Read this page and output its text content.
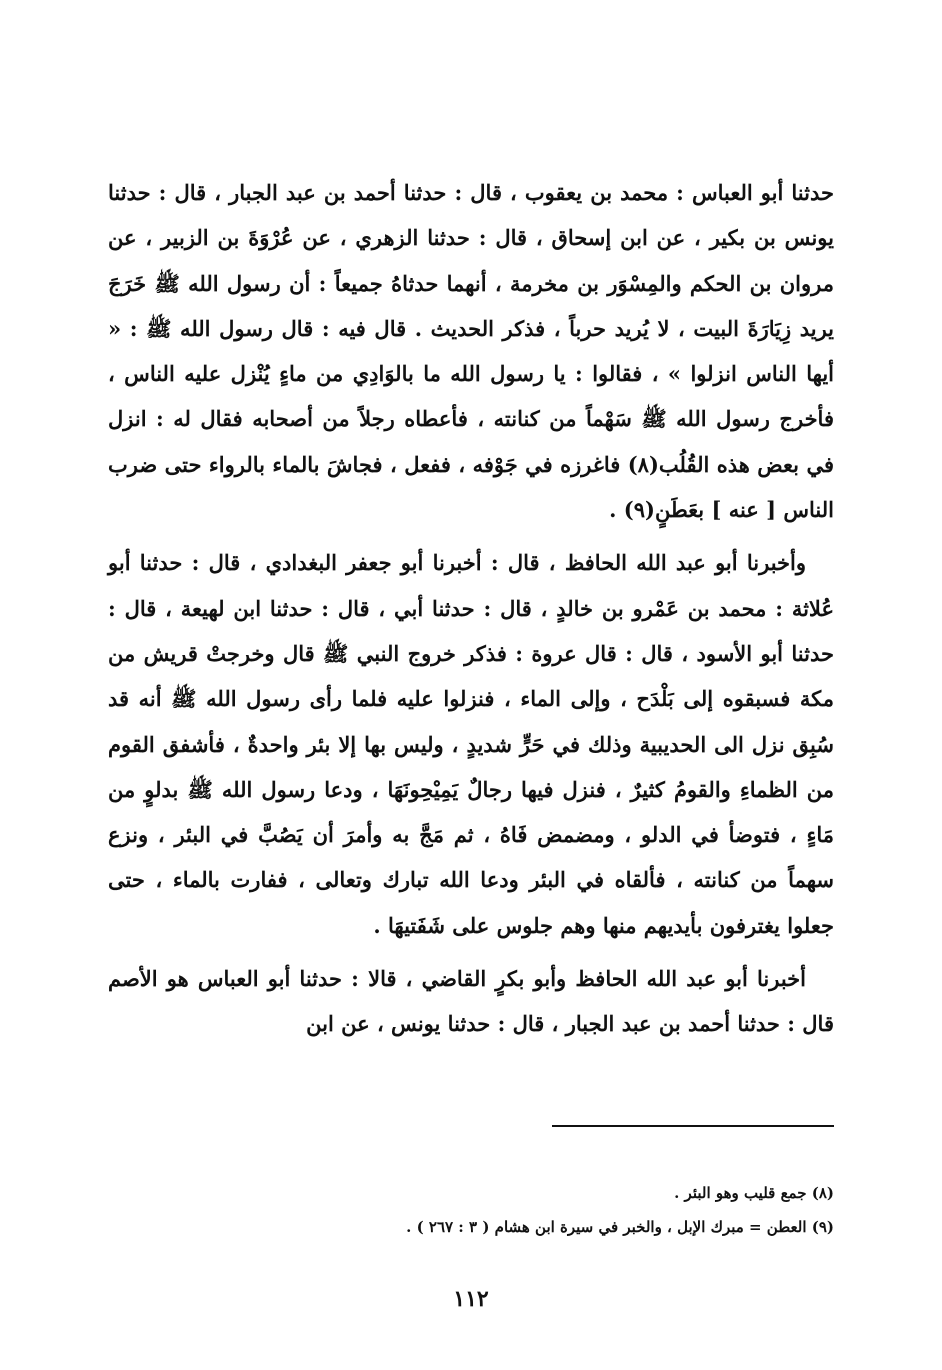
حدثنا أبو العباس : محمد بن يعقوب ، قال : حدثنا أحمد بن عبد الجبار ، قال : حدثنا يونس بن بكير ، عن ابن إسحاق ، قال : حدثنا الزهري ، عن عُرْوَةَ بن الزبير ، عن مروان بن الحكم والمِسْوَر بن مخرمة ، أنهما حدثاهُ جميعاً : أن رسول الله ﷺ خَرَجَ يريد زِيَارَةَ البيت ، لا يُريد حرباً ، فذكر الحديث . قال فيه : قال رسول الله ﷺ : « أيها الناس انزلوا » ، فقالوا : يا رسول الله ما بالوَادِي من ماءٍ يُنْزل عليه الناس ، فأخرج رسول الله ﷺ سَهْماً من كنانته ، فأعطاه رجلاً من أصحابه فقال له : انزل في بعض هذه القُلُب(٨) فاغرزه في جَوْفه ، ففعل ، فجاشَ بالماء بالرواء حتى ضرب الناس [ عنه ] بعَطَنٍ(٩) .

وأخبرنا أبو عبد الله الحافظ ، قال : أخبرنا أبو جعفر البغدادي ، قال : حدثنا أبو عُلاثة : محمد بن عَمْرو بن خالدٍ ، قال : حدثنا أبي ، قال : حدثنا ابن لهيعة ، قال : حدثنا أبو الأسود ، قال : قال عروة : فذكر خروج النبي ﷺ قال وخرجتْ قريش من مكة فسبقوه إلى بَلْدَح ، وإلى الماء ، فنزلوا عليه فلما رأى رسول الله ﷺ أنه قد سُبِق نزل الى الحديبية وذلك في حَرٍّ شديدٍ ، وليس بها إلا بئر واحدةٌ ، فأشفق القوم من الظماءِ والقومُ كثيرٌ ، فنزل فيها رجالٌ يَمِيْحِونَهَا ، ودعا رسول الله ﷺ بدلوٍ من مَاءٍ ، فتوضأ في الدلو ، ومضمض فَاهُ ، ثم مَجَّ به وأمرَ أن يَصُبَّ في البئر ، ونزع سهماً من كنانته ، فألقاه في البئر ودعا الله تبارك وتعالى ، ففارت بالماء ، حتى جعلوا يغترفون بأيديهم منها وهم جلوس على شَفَتيهَا .

أخبرنا أبو عبد الله الحافظ وأبو بكرٍ القاضي ، قالا : حدثنا أبو العباس هو الأصم قال : حدثنا أحمد بن عبد الجبار ، قال : حدثنا يونس ، عن ابن

(٨) جمع قليب وهو البئر .

(٩) العطن = مبرك الإبل ، والخبر في سيرة ابن هشام ( ٣ : ٢٦٧ ) .

١١٢
